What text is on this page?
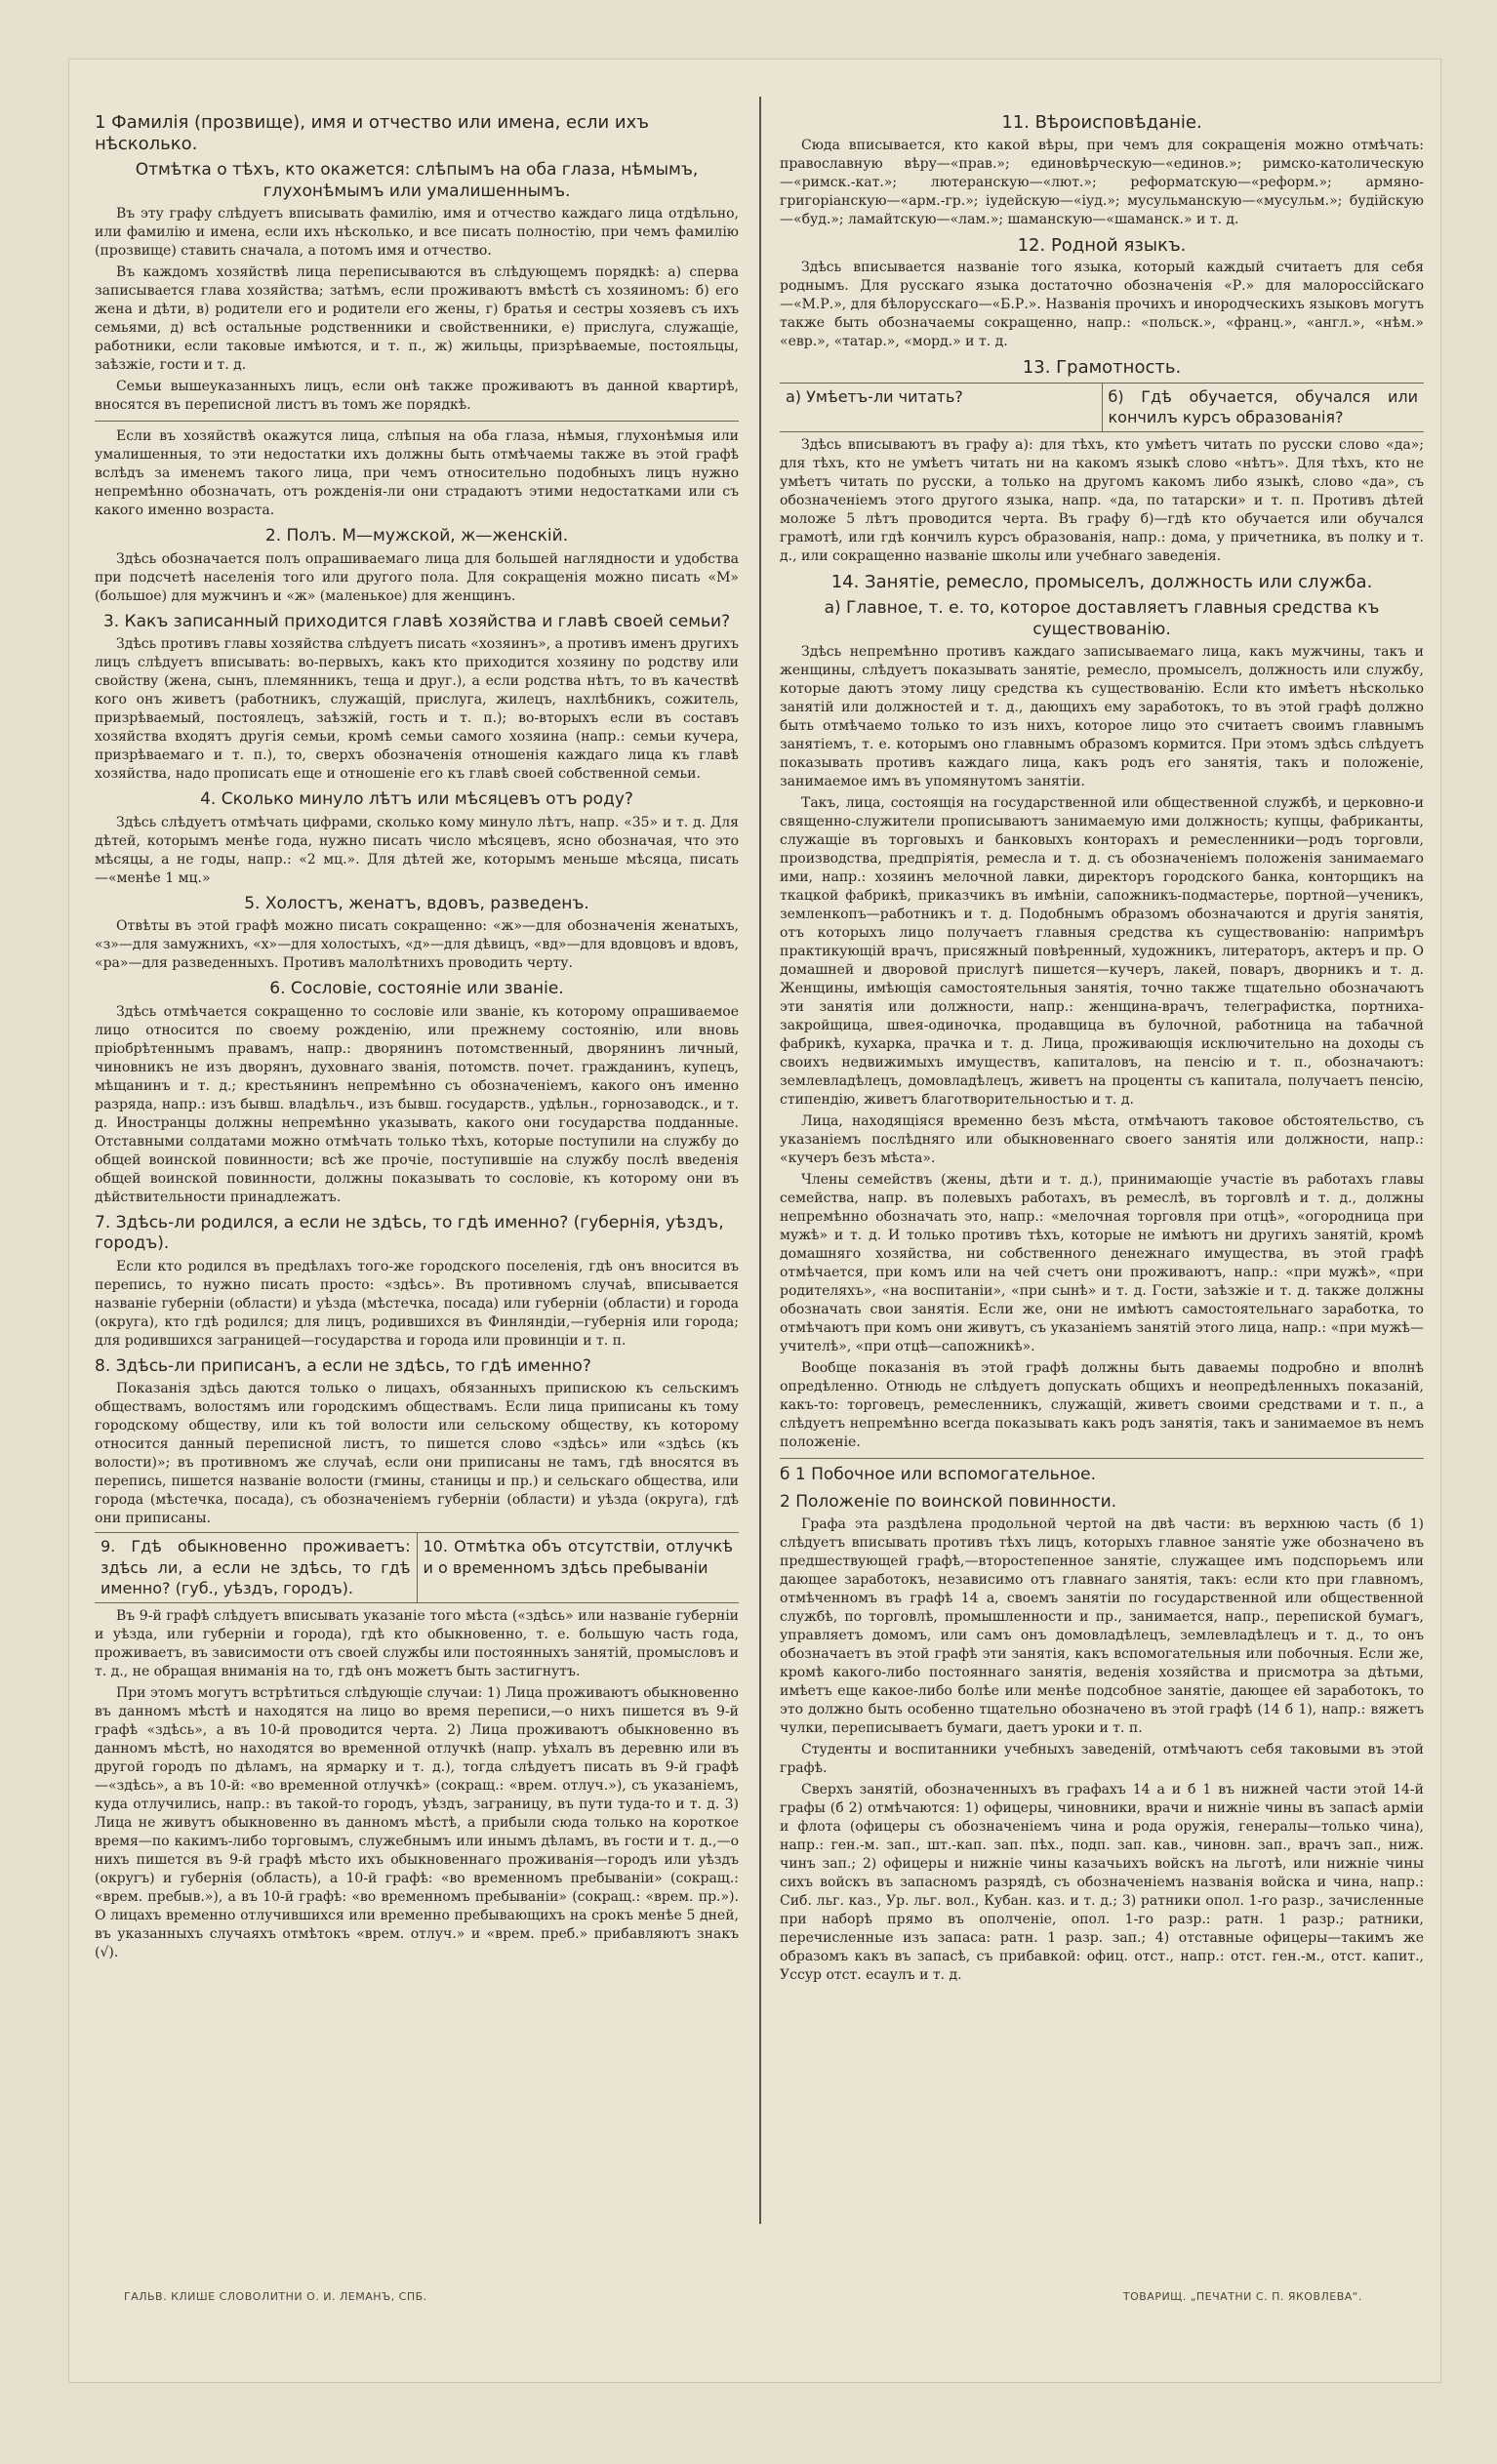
1 Фамилія (прозвище), имя и отчество или имена, если ихъ нѣсколько.
Отмѣтка о тѣхъ, кто окажется: слѣпымъ на оба глаза, нѣмымъ, глухонѣмымъ или умалишеннымъ.
Въ эту графу слѣдуетъ вписывать фамилію, имя и отчество каждаго лица отдѣльно, или фамилію и имена, если ихъ нѣсколько, и все писать полностію, при чемъ фамилію (прозвище) ставить сначала, а потомъ имя и отчество.
Въ каждомъ хозяйствѣ лица переписываются въ слѣдующемъ порядкѣ: а) сперва записывается глава хозяйства; затѣмъ, если проживаютъ вмѣстѣ съ хозяиномъ: б) его жена и дѣти, в) родители его и родители его жены, г) братья и сестры хозяевъ съ ихъ семьями, д) всѣ остальные родственники и свойственники, е) прислуга, служащіе, работники, если таковые имѣются, и т. п., ж) жильцы, призрѣваемые, постояльцы, заѣзжіе, гости и т. д.
Семьи вышеуказанныхъ лицъ, если онѣ также проживаютъ въ данной квартирѣ, вносятся въ переписной листъ въ томъ же порядкѣ.
Если въ хозяйствѣ окажутся лица, слѣпыя на оба глаза, нѣмыя, глухонѣмыя или умалишенныя, то эти недостатки ихъ должны быть отмѣчаемы также въ этой графѣ вслѣдъ за именемъ такого лица, при чемъ относительно подобныхъ лицъ нужно непремѣнно обозначать, отъ рожденія-ли они страдаютъ этими недостатками или съ какого именно возраста.
2. Полъ. М—мужской, ж—женскій.
Здѣсь обозначается полъ опрашиваемаго лица для большей наглядности и удобства при подсчетѣ населенія того или другого пола. Для сокращенія можно писать «М» (большое) для мужчинъ и «ж» (маленькое) для женщинъ.
3. Какъ записанный приходится главѣ хозяйства и главѣ своей семьи?
Здѣсь противъ главы хозяйства слѣдуетъ писать «хозяинъ», а противъ именъ другихъ лицъ слѣдуетъ вписывать: во-первыхъ, какъ кто приходится хозяину по родству или свойству (жена, сынъ, племянникъ, теща и друг.), а если родства нѣтъ, то въ качествѣ кого онъ живетъ (работникъ, служащій, прислуга, жилецъ, нахлѣбникъ, сожитель, призрѣваемый, постоялецъ, заѣзжій, гость и т. п.); во-вторыхъ если въ составъ хозяйства входятъ другія семьи, кромѣ семьи самого хозяина (напр.: семьи кучера, призрѣваемаго и т. п.), то, сверхъ обозначенія отношенія каждаго лица къ главѣ хозяйства, надо прописать еще и отношеніе его къ главѣ своей собственной семьи.
4. Сколько минуло лѣтъ или мѣсяцевъ отъ роду?
Здѣсь слѣдуетъ отмѣчать цифрами, сколько кому минуло лѣтъ, напр. «35» и т. д. Для дѣтей, которымъ менѣе года, нужно писать число мѣсяцевъ, ясно обозначая, что это мѣсяцы, а не годы, напр.: «2 мц.». Для дѣтей же, которымъ меньше мѣсяца, писать—«менѣе 1 мц.»
5. Холостъ, женатъ, вдовъ, разведенъ.
Отвѣты въ этой графѣ можно писать сокращенно: «ж»—для обозначенія женатыхъ, «з»—для замужнихъ, «х»—для холостыхъ, «д»—для дѣвицъ, «вд»—для вдовцовъ и вдовъ, «ра»—для разведенныхъ. Противъ малолѣтнихъ проводить черту.
6. Сословіе, состояніе или званіе.
Здѣсь отмѣчается сокращенно то сословіе или званіе, къ которому опрашиваемое лицо относится по своему рожденію, или прежнему состоянію, или вновь пріобрѣтеннымъ правамъ, напр.: дворянинъ потомственный, дворянинъ личный, чиновникъ не изъ дворянъ, духовнаго званія, потомств. почет. гражданинъ, купецъ, мѣщанинъ и т. д.; крестьянинъ непремѣнно съ обозначеніемъ, какого онъ именно разряда, напр.: изъ бывш. владѣльч., изъ бывш. государств., удѣльн., горнозаводск., и т. д. Иностранцы должны непремѣнно указывать, какого они государства подданные. Отставными солдатами можно отмѣчать только тѣхъ, которые поступили на службу до общей воинской повинности; всѣ же прочіе, поступившіе на службу послѣ введенія общей воинской повинности, должны показывать то сословіе, къ которому они въ дѣйствительности принадлежатъ.
7. Здѣсь-ли родился, а если не здѣсь, то гдѣ именно? (губернія, уѣздъ, городъ).
Если кто родился въ предѣлахъ того-же городского поселенія, гдѣ онъ вносится въ перепись, то нужно писать просто: «здѣсь». Въ противномъ случаѣ, вписывается названіе губерніи (области) и уѣзда (мѣстечка, посада) или губерніи (области) и города (округа), кто гдѣ родился; для лицъ, родившихся въ Финляндіи,—губернія или города; для родившихся заграницей—государства и города или провинціи и т. п.
8. Здѣсь-ли приписанъ, а если не здѣсь, то гдѣ именно?
Показанія здѣсь даются только о лицахъ, обязанныхъ припискою къ сельскимъ обществамъ, волостямъ или городскимъ обществамъ. Если лица приписаны къ тому городскому обществу, или къ той волости или сельскому обществу, къ которому относится данный переписной листъ, то пишется слово «здѣсь» или «здѣсь (къ волости)»; въ противномъ же случаѣ, если они приписаны не тамъ, гдѣ вносятся въ перепись, пишется названіе волости (гмины, станицы и пр.) и сельскаго общества, или города (мѣстечка, посада), съ обозначеніемъ губерніи (области) и уѣзда (округа), гдѣ они приписаны.
9. Гдѣ обыкновенно проживаетъ: здѣсь ли, а если не здѣсь, то гдѣ именно? (губ., уѣздъ, городъ).
10. Отмѣтка объ отсутствіи, отлучкѣ и о временномъ здѣсь пребываніи
Въ 9-й графѣ слѣдуетъ вписывать указаніе того мѣста («здѣсь» или названіе губерніи и уѣзда, или губерніи и города), гдѣ кто обыкновенно, т. е. большую часть года, проживаетъ, въ зависимости отъ своей службы или постоянныхъ занятій, промысловъ и т. д., не обращая вниманія на то, гдѣ онъ можетъ быть застигнутъ.
При этомъ могутъ встрѣтиться слѣдующіе случаи: 1) Лица проживаютъ обыкновенно въ данномъ мѣстѣ и находятся на лицо во время переписи,—о нихъ пишется въ 9-й графѣ «здѣсь», а въ 10-й проводится черта. 2) Лица проживаютъ обыкновенно въ данномъ мѣстѣ, но находятся во временной отлучкѣ (напр. уѣхалъ въ деревню или въ другой городъ по дѣламъ, на ярмарку и т. д.), тогда слѣдуетъ писать въ 9-й графѣ—«здѣсь», а въ 10-й: «во временной отлучкѣ» (сокращ.: «врем. отлуч.»), съ указаніемъ, куда отлучились, напр.: въ такой-то городъ, уѣздъ, заграницу, въ пути туда-то и т. д. 3) Лица не живутъ обыкновенно въ данномъ мѣстѣ, а прибыли сюда только на короткое время—по какимъ-либо торговымъ, служебнымъ или инымъ дѣламъ, въ гости и т. д.,—о нихъ пишется въ 9-й графѣ мѣсто ихъ обыкновеннаго проживанія—городъ или уѣздъ (округъ) и губернія (область), а 10-й графѣ: «во временномъ пребываніи» (сокращ.: «врем. пребыв.»), а въ 10-й графѣ: «во временномъ пребываніи» (сокращ.: «врем. пр.»). О лицахъ временно отлучившихся или временно пребывающихъ на срокъ менѣе 5 дней, въ указанныхъ случаяхъ отмѣтокъ «врем. отлуч.» и «врем. преб.» прибавляютъ знакъ (√).
11. Вѣроисповѣданіе.
Сюда вписывается, кто какой вѣры, при чемъ для сокращенія можно отмѣчать: православную вѣру—«прав.»; единовѣрческую—«единов.»; римско-католическую—«римск.-кат.»; лютеранскую—«лют.»; реформатскую—«реформ.»; армяно-григоріанскую—«арм.-гр.»; іудейскую—«іуд.»; мусульманскую—«мусульм.»; будійскую—«буд.»; ламайтскую—«лам.»; шаманскую—«шаманск.» и т. д.
12. Родной языкъ.
Здѣсь вписывается названіе того языка, который каждый считаетъ для себя роднымъ. Для русскаго языка достаточно обозначенія «Р.» для малороссійскаго—«М.Р.», для бѣлорусскаго—«Б.Р.». Названія прочихъ и инородческихъ языковъ могутъ также быть обозначаемы сокращенно, напр.: «польск.», «франц.», «англ.», «нѣм.» «евр.», «татар.», «морд.» и т. д.
13. Грамотность.
а) Умѣетъ-ли читать?	б) Гдѣ обучается, обучался или кончилъ курсъ образованія?
Здѣсь вписываютъ въ графу а): для тѣхъ, кто умѣетъ читать по русски слово «да»; для тѣхъ, кто не умѣетъ читать ни на какомъ языкѣ слово «нѣтъ». Для тѣхъ, кто не умѣетъ читать по русски, а только на другомъ какомъ либо языкѣ, слово «да», съ обозначеніемъ этого другого языка, напр. «да, по татарски» и т. п. Противъ дѣтей моложе 5 лѣтъ проводится черта. Въ графу б)—гдѣ кто обучается или обучался грамотѣ, или гдѣ кончилъ курсъ образованія, напр.: дома, у причетника, въ полку и т. д., или сокращенно названіе школы или учебнаго заведенія.
14. Занятіе, ремесло, промыселъ, должность или служба.
а) Главное, т. е. то, которое доставляетъ главныя средства къ существованію.
Здѣсь непремѣнно противъ каждаго записываемаго лица, какъ мужчины, такъ и женщины, слѣдуетъ показывать занятіе, ремесло, промыселъ, должность или службу, которые даютъ этому лицу средства къ существованію. Если кто имѣетъ нѣсколько занятій или должностей и т. д., дающихъ ему заработокъ, то въ этой графѣ должно быть отмѣчаемо только то изъ нихъ, которое лицо это считаетъ своимъ главнымъ занятіемъ, т. е. которымъ оно главнымъ образомъ кормится. При этомъ здѣсь слѣдуетъ показывать противъ каждаго лица, какъ родъ его занятія, такъ и положеніе, занимаемое имъ въ упомянутомъ занятіи.
Такъ, лица, состоящія на государственной или общественной службѣ, и церковно-и священно-служители прописываютъ занимаемую ими должность; купцы, фабриканты, служащіе въ торговыхъ и банковыхъ конторахъ и ремесленники—родъ торговли, производства, предпріятія, ремесла и т. д. съ обозначеніемъ положенія занимаемаго ими, напр.: хозяинъ мелочной лавки, директоръ городского банка, конторщикъ на ткацкой фабрикѣ, приказчикъ въ имѣніи, сапожникъ-подмастерье, портной—ученикъ, земленкопъ—работникъ и т. д. Подобнымъ образомъ обозначаются и другія занятія, отъ которыхъ лицо получаетъ главныя средства къ существованію: напримѣръ практикующій врачъ, присяжный повѣренный, художникъ, литераторъ, актеръ и пр. О домашней и дворовой прислугѣ пишется—кучеръ, лакей, поваръ, дворникъ и т. д. Женщины, имѣющія самостоятельныя занятія, точно также тщательно обозначаютъ эти занятія или должности, напр.: женщина-врачъ, телеграфистка, портниха-закройщица, швея-одиночка, продавщица въ булочной, работница на табачной фабрикѣ, кухарка, прачка и т. д. Лица, проживающія исключительно на доходы съ своихъ недвижимыхъ имуществъ, капиталовъ, на пенсію и т. п., обозначаютъ: землевладѣлецъ, домовладѣлецъ, живетъ на проценты съ капитала, получаетъ пенсію, стипендію, живетъ благотворительностью и т. д.
Лица, находящіяся временно безъ мѣста, отмѣчаютъ таковое обстоятельство, съ указаніемъ послѣдняго или обыкновеннаго своего занятія или должности, напр.: «кучеръ безъ мѣста».
Члены семействъ (жены, дѣти и т. д.), принимающіе участіе въ работахъ главы семейства, напр. въ полевыхъ работахъ, въ ремеслѣ, въ торговлѣ и т. д., должны непремѣнно обозначать это, напр.: «мелочная торговля при отцѣ», «огородница при мужѣ» и т. д. И только противъ тѣхъ, которые не имѣютъ ни другихъ занятій, кромѣ домашняго хозяйства, ни собственного денежнаго имущества, въ этой графѣ отмѣчается, при комъ или на чей счетъ они проживаютъ, напр.: «при мужѣ», «при родителяхъ», «на воспитаніи», «при сынѣ» и т. д. Гости, заѣзжіе и т. д. также должны обозначать свои занятія. Если же, они не имѣютъ самостоятельнаго заработка, то отмѣчаютъ при комъ они живутъ, съ указаніемъ занятій этого лица, напр.: «при мужѣ—учителѣ», «при отцѣ—сапожникѣ».
Вообще показанія въ этой графѣ должны быть даваемы подробно и вполнѣ опредѣленно. Отнюдь не слѣдуетъ допускать общихъ и неопредѣленныхъ показаній, какъ-то: торговецъ, ремесленникъ, служащій, живетъ своими средствами и т. п., а слѣдуетъ непремѣнно всегда показывать какъ родъ занятія, такъ и занимаемое въ немъ положеніе.
б 1 Побочное или вспомогательное.
2 Положеніе по воинской повинности.
Графа эта раздѣлена продольной чертой на двѣ части: въ верхнюю часть (б 1) слѣдуетъ вписывать противъ тѣхъ лицъ, которыхъ главное занятіе уже обозначено въ предшествующей графѣ,—второстепенное занятіе, служащее имъ подспорьемъ или дающее заработокъ, независимо отъ главнаго занятія, такъ: если кто при главномъ, отмѣченномъ въ графѣ 14 а, своемъ занятіи по государственной или общественной службѣ, по торговлѣ, промышленности и пр., занимается, напр., перепиской бумагъ, управляетъ домомъ, или самъ онъ домовладѣлецъ, землевладѣлецъ и т. д., то онъ обозначаетъ въ этой графѣ эти занятія, какъ вспомогательныя или побочныя. Если же, кромѣ какого-либо постояннаго занятія, веденія хозяйства и присмотра за дѣтьми, имѣетъ еще какое-либо болѣе или менѣе подсобное занятіе, дающее ей заработокъ, то это должно быть особенно тщательно обозначено въ этой графѣ (14 б 1), напр.: вяжетъ чулки, переписываетъ бумаги, даетъ уроки и т. п.
Студенты и воспитанники учебныхъ заведеній, отмѣчаютъ себя таковыми въ этой графѣ.
Сверхъ занятій, обозначенныхъ въ графахъ 14 а и б 1 въ нижней части этой 14-й графы (б 2) отмѣчаются: 1) офицеры, чиновники, врачи и нижніе чины въ запасѣ арміи и флота (офицеры съ обозначеніемъ чина и рода оружія, генералы—только чина), напр.: ген.-м. зап., шт.-кап. зап. пѣх., подп. зап. кав., чиновн. зап., врачъ зап., ниж. чинъ зап.; 2) офицеры и нижніе чины казачьихъ войскъ на льготѣ, или нижніе чины сихъ войскъ въ запасномъ разрядѣ, съ обозначеніемъ названія войска и чина, напр.: Сиб. льг. каз., Ур. льг. вол., Кубан. каз. и т. д.; 3) ратники опол. 1-го разр., зачисленные при наборѣ прямо въ ополченіе, опол. 1-го разр.: ратн. 1 разр.; ратники, перечисленные изъ запаса: ратн. 1 разр. зап.; 4) отставные офицеры—такимъ же образомъ какъ въ запасѣ, съ прибавкой: офиц. отст., напр.: отст. ген.-м., отст. капит., Уссур отст. есаулъ и т. д.
ГАЛЬВ. КЛИШЕ СЛОВОЛИТНИ О. И. ЛЕМАНЪ, СПБ.	ТОВАРИЩ. „ПЕЧАТНИ С. П. ЯКОВЛЕВА“.
